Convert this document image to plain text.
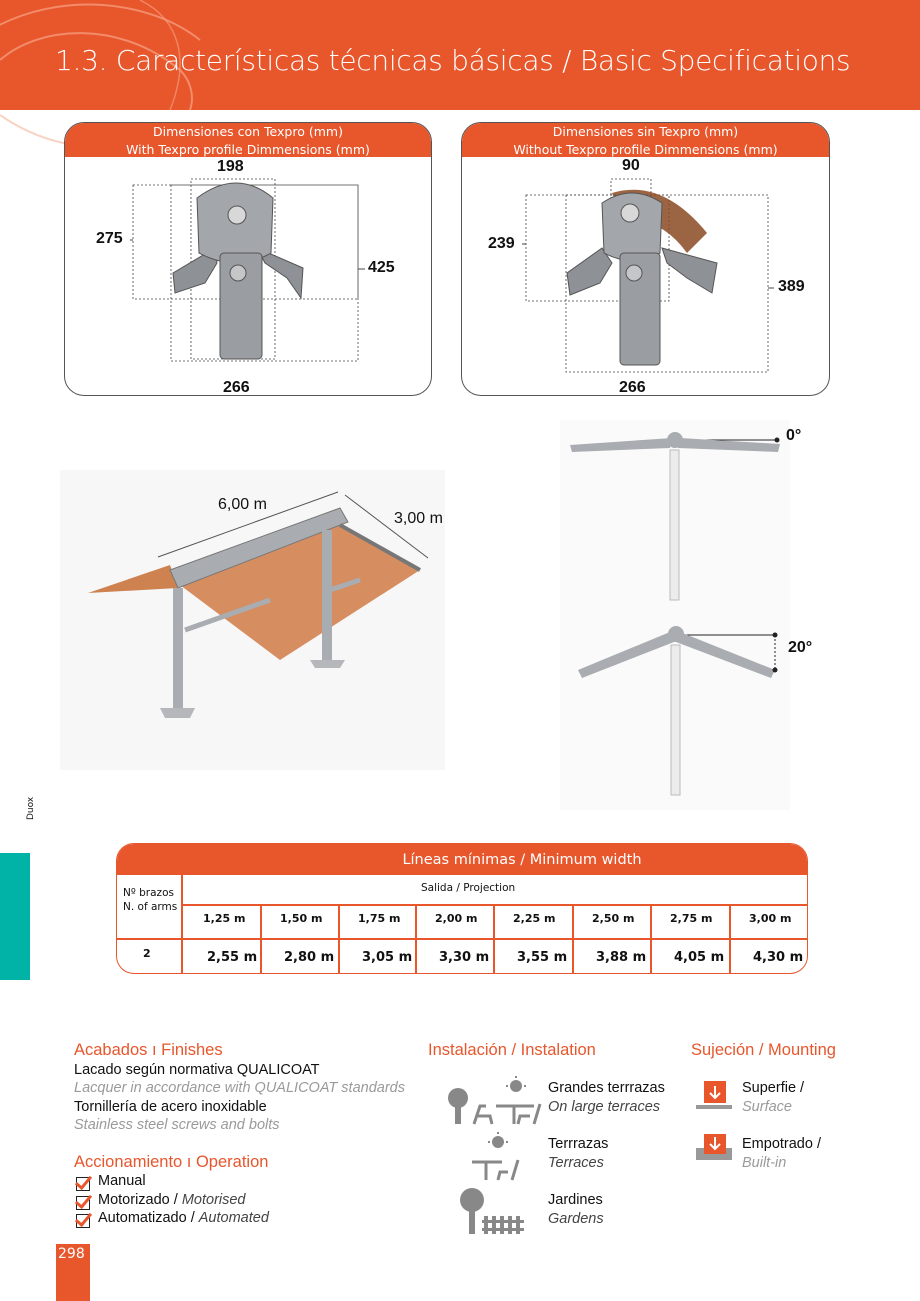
1.3. Características técnicas básicas / Basic Specifications
Dimensiones con Texpro (mm)
With Texpro profile Dimmensions (mm)
198
275
425
266
Dimensiones sin Texpro (mm)
Without Texpro profile Dimmensions (mm)
90
239
389
266
6,00 m
3,00 m
0°
20°
Duox
Líneas mínimas / Minimum width
Nº brazos
N. of arms
Salida / Projection
2
1,25 m
2,55 m
1,50 m
2,80 m
1,75 m
3,05 m
2,00 m
3,30 m
2,25 m
3,55 m
2,50 m
3,88 m
2,75 m
4,05 m
3,00 m
4,30 m
Acabados ı Finishes
Lacado según normativa QUALICOAT
Lacquer in accordance with QUALICOAT standards
Tornillería de acero inoxidable
Stainless steel screws and bolts
Accionamiento ı Operation
Manual
Motorizado / Motorised
Automatizado / Automated
Instalación / Instalation
Grandes terrrazas
On large terraces
Terrrazas
Terraces
Jardines
Gardens
Sujeción / Mounting
Superfie /
Surface
Empotrado /
Built-in
298
